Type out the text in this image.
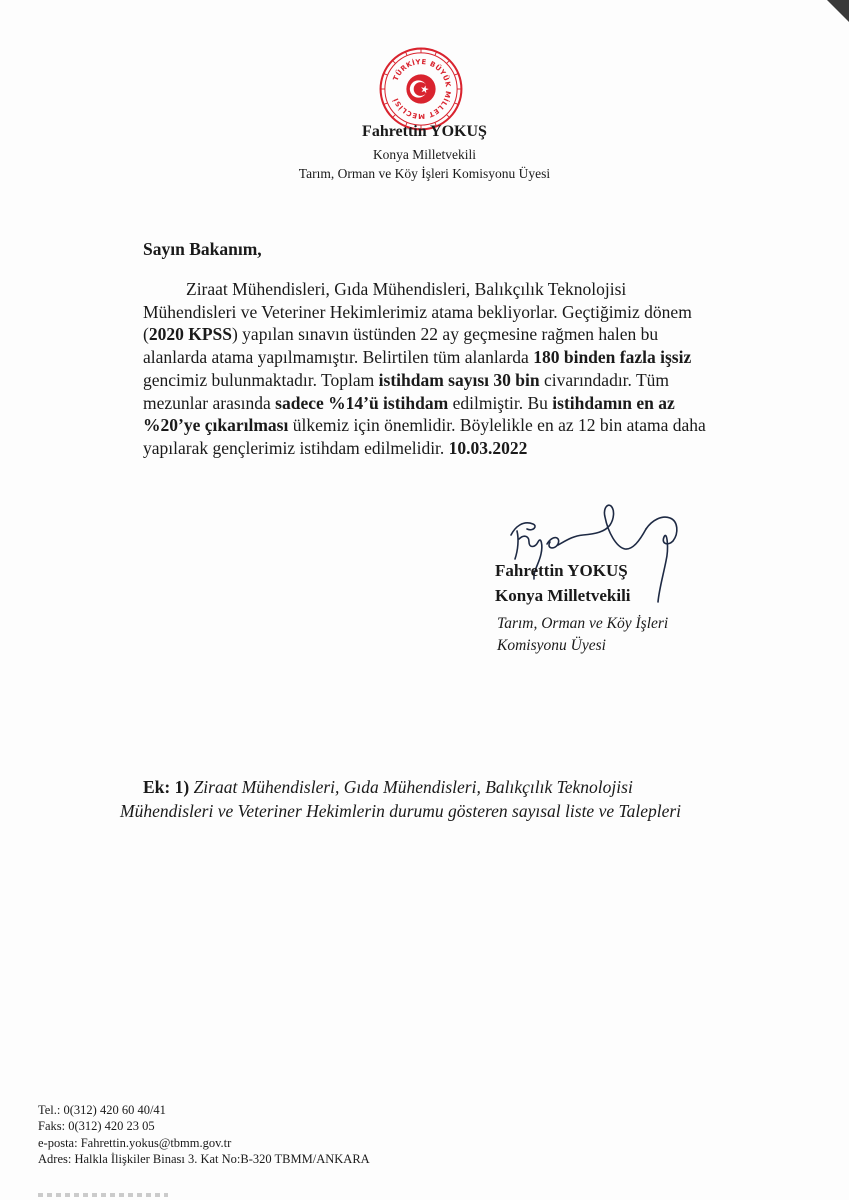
TÜRKİYE BÜYÜK MİLLET MECLİSİ
Fahrettin YOKUŞ
Konya Milletvekili
Tarım, Orman ve Köy İşleri Komisyonu Üyesi
Sayın Bakanım,
Ziraat Mühendisleri, Gıda Mühendisleri, Balıkçılık Teknolojisi
Mühendisleri ve Veteriner Hekimlerimiz atama bekliyorlar. Geçtiğimiz dönem
(2020 KPSS) yapılan sınavın üstünden 22 ay geçmesine rağmen halen bu
alanlarda atama yapılmamıştır. Belirtilen tüm alanlarda 180 binden fazla işsiz
gencimiz bulunmaktadır. Toplam istihdam sayısı 30 bin civarındadır. Tüm
mezunlar arasında sadece %14’ü istihdam edilmiştir. Bu istihdamın en az
%20’ye çıkarılması ülkemiz için önemlidir. Böylelikle en az 12 bin atama daha
yapılarak gençlerimiz istihdam edilmelidir. 10.03.2022
Fahrettin YOKUŞ
Konya Milletvekili
Tarım, Orman ve Köy İşleri
Komisyonu Üyesi
Ek: 1) Ziraat Mühendisleri, Gıda Mühendisleri, Balıkçılık Teknolojisi
Mühendisleri ve Veteriner Hekimlerin durumu gösteren sayısal liste ve Talepleri
Tel.: 0(312) 420 60 40/41
Faks: 0(312) 420 23 05
e-posta: Fahrettin.yokus@tbmm.gov.tr
Adres: Halkla İlişkiler Binası 3. Kat No:B-320 TBMM/ANKARA
